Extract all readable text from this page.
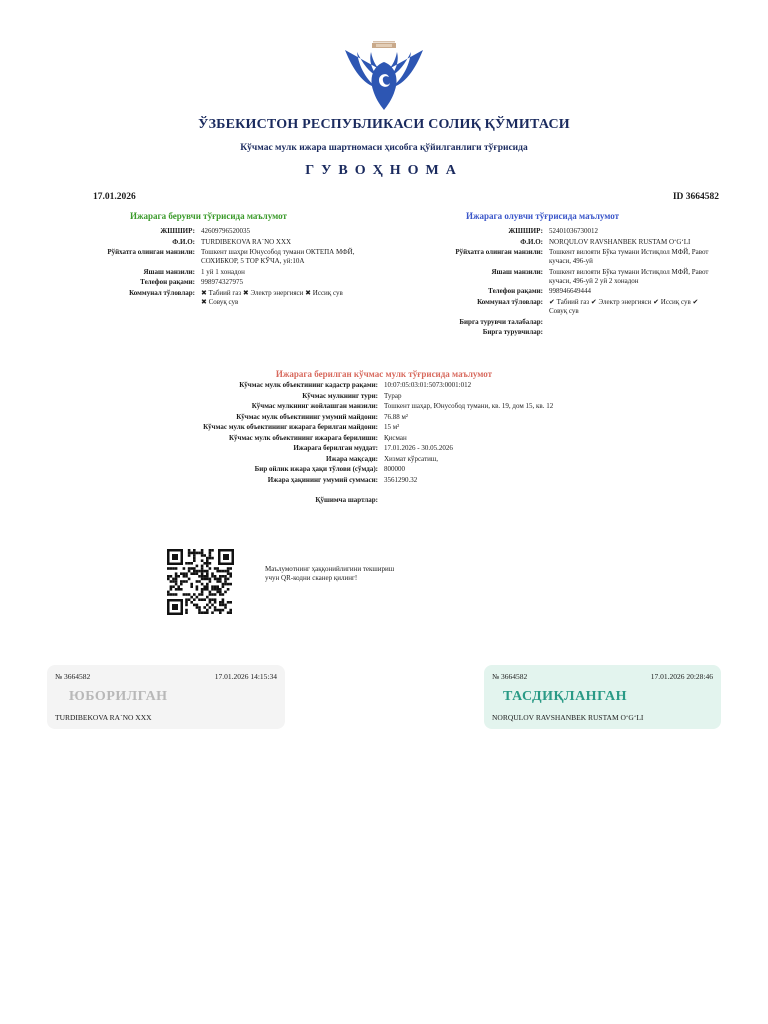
ЎЗБЕКИСТОН РЕСПУБЛИКАСИ СОЛИҚ ҚЎМИТАСИ
Кўчмас мулк ижара шартномаси ҳисобга қўйилганлиги тўғрисида
ГУВОҲНОМА
17.01.2026	ID 3664582
Ижарага берувчи тўғрисида маълумот
ЖШШИР: 42609796520035
Ф.И.О: TURDIBEKOVA RA`NO XXX
Рўйхатга олинган манзили: Тошкент шаҳри Юнусобод тумани ОКТЕПА МФЙ, СОХИБКОР, 5 ТОР КЎЧА, уй:10А
Яшаш манзили: 1 уй 1 хонадон
Телефон рақами: 998974327975
Коммунал тўловлар: ✖ Табиий газ ✖ Электр энергияси ✖ Иссиқ сув
✖ Совуқ сув
Ижарага олувчи тўғрисида маълумот
ЖШШИР: 52401036730012
Ф.И.О: NORQULOV RAVSHANBEK RUSTAM O‘G‘LI
Рўйхатга олинган манзили: Тошкент вилояти Бўка тумани Истиқлол МФЙ, Равот кучаси, 496-уй
Яшаш манзили: Тошкент вилояти Бўка тумани Истиқлол МФЙ, Равот кучаси, 496-уй 2 уй 2 хонадон
Телефон рақами: 998946649444
Коммунал тўловлар: ✔ Табиий газ ✔ Электр энергияси ✔ Иссиқ сув ✔ Совуқ сув
Бирга турувчи талабалар:
Бирга турувчилар:
Ижарага берилган кўчмас мулк тўғрисида маълумот
Кўчмас мулк объектининг кадастр рақами: 10:07:05:03:01:5073:0001:012
Кўчмас мулкнинг тури: Турар
Кўчмас мулкнинг жойлашган манзили: Тошкент шаҳар, Юнусобод тумани, кв. 19, дом 15, кв. 12
Кўчмас мулк объектининг умумий майдони: 76.88 м²
Кўчмас мулк объектининг ижарага берилган майдони: 15 м²
Кўчмас мулк объектининг ижарага берилиши: Қисман
Ижарага берилган муддат: 17.01.2026 - 30.05.2026
Ижара мақсади: Хизмат кўрсатиш,
Бир ойлик ижара ҳақи тўлови (сўмда): 800000
Ижара ҳақининг умумий суммаси: 3561290.32
Қўшимча шартлар:
Маълумотнинг ҳаққонийлигини текшириш учун QR-кодни сканер қилинг!
№ 3664582	17.01.2026 14:15:34
ЮБОРИЛГАН
TURDIBEKOVA RA`NO XXX
№ 3664582	17.01.2026 20:28:46
ТАСДИҚЛАНГАН
NORQULOV RAVSHANBEK RUSTAM O‘G‘LI
